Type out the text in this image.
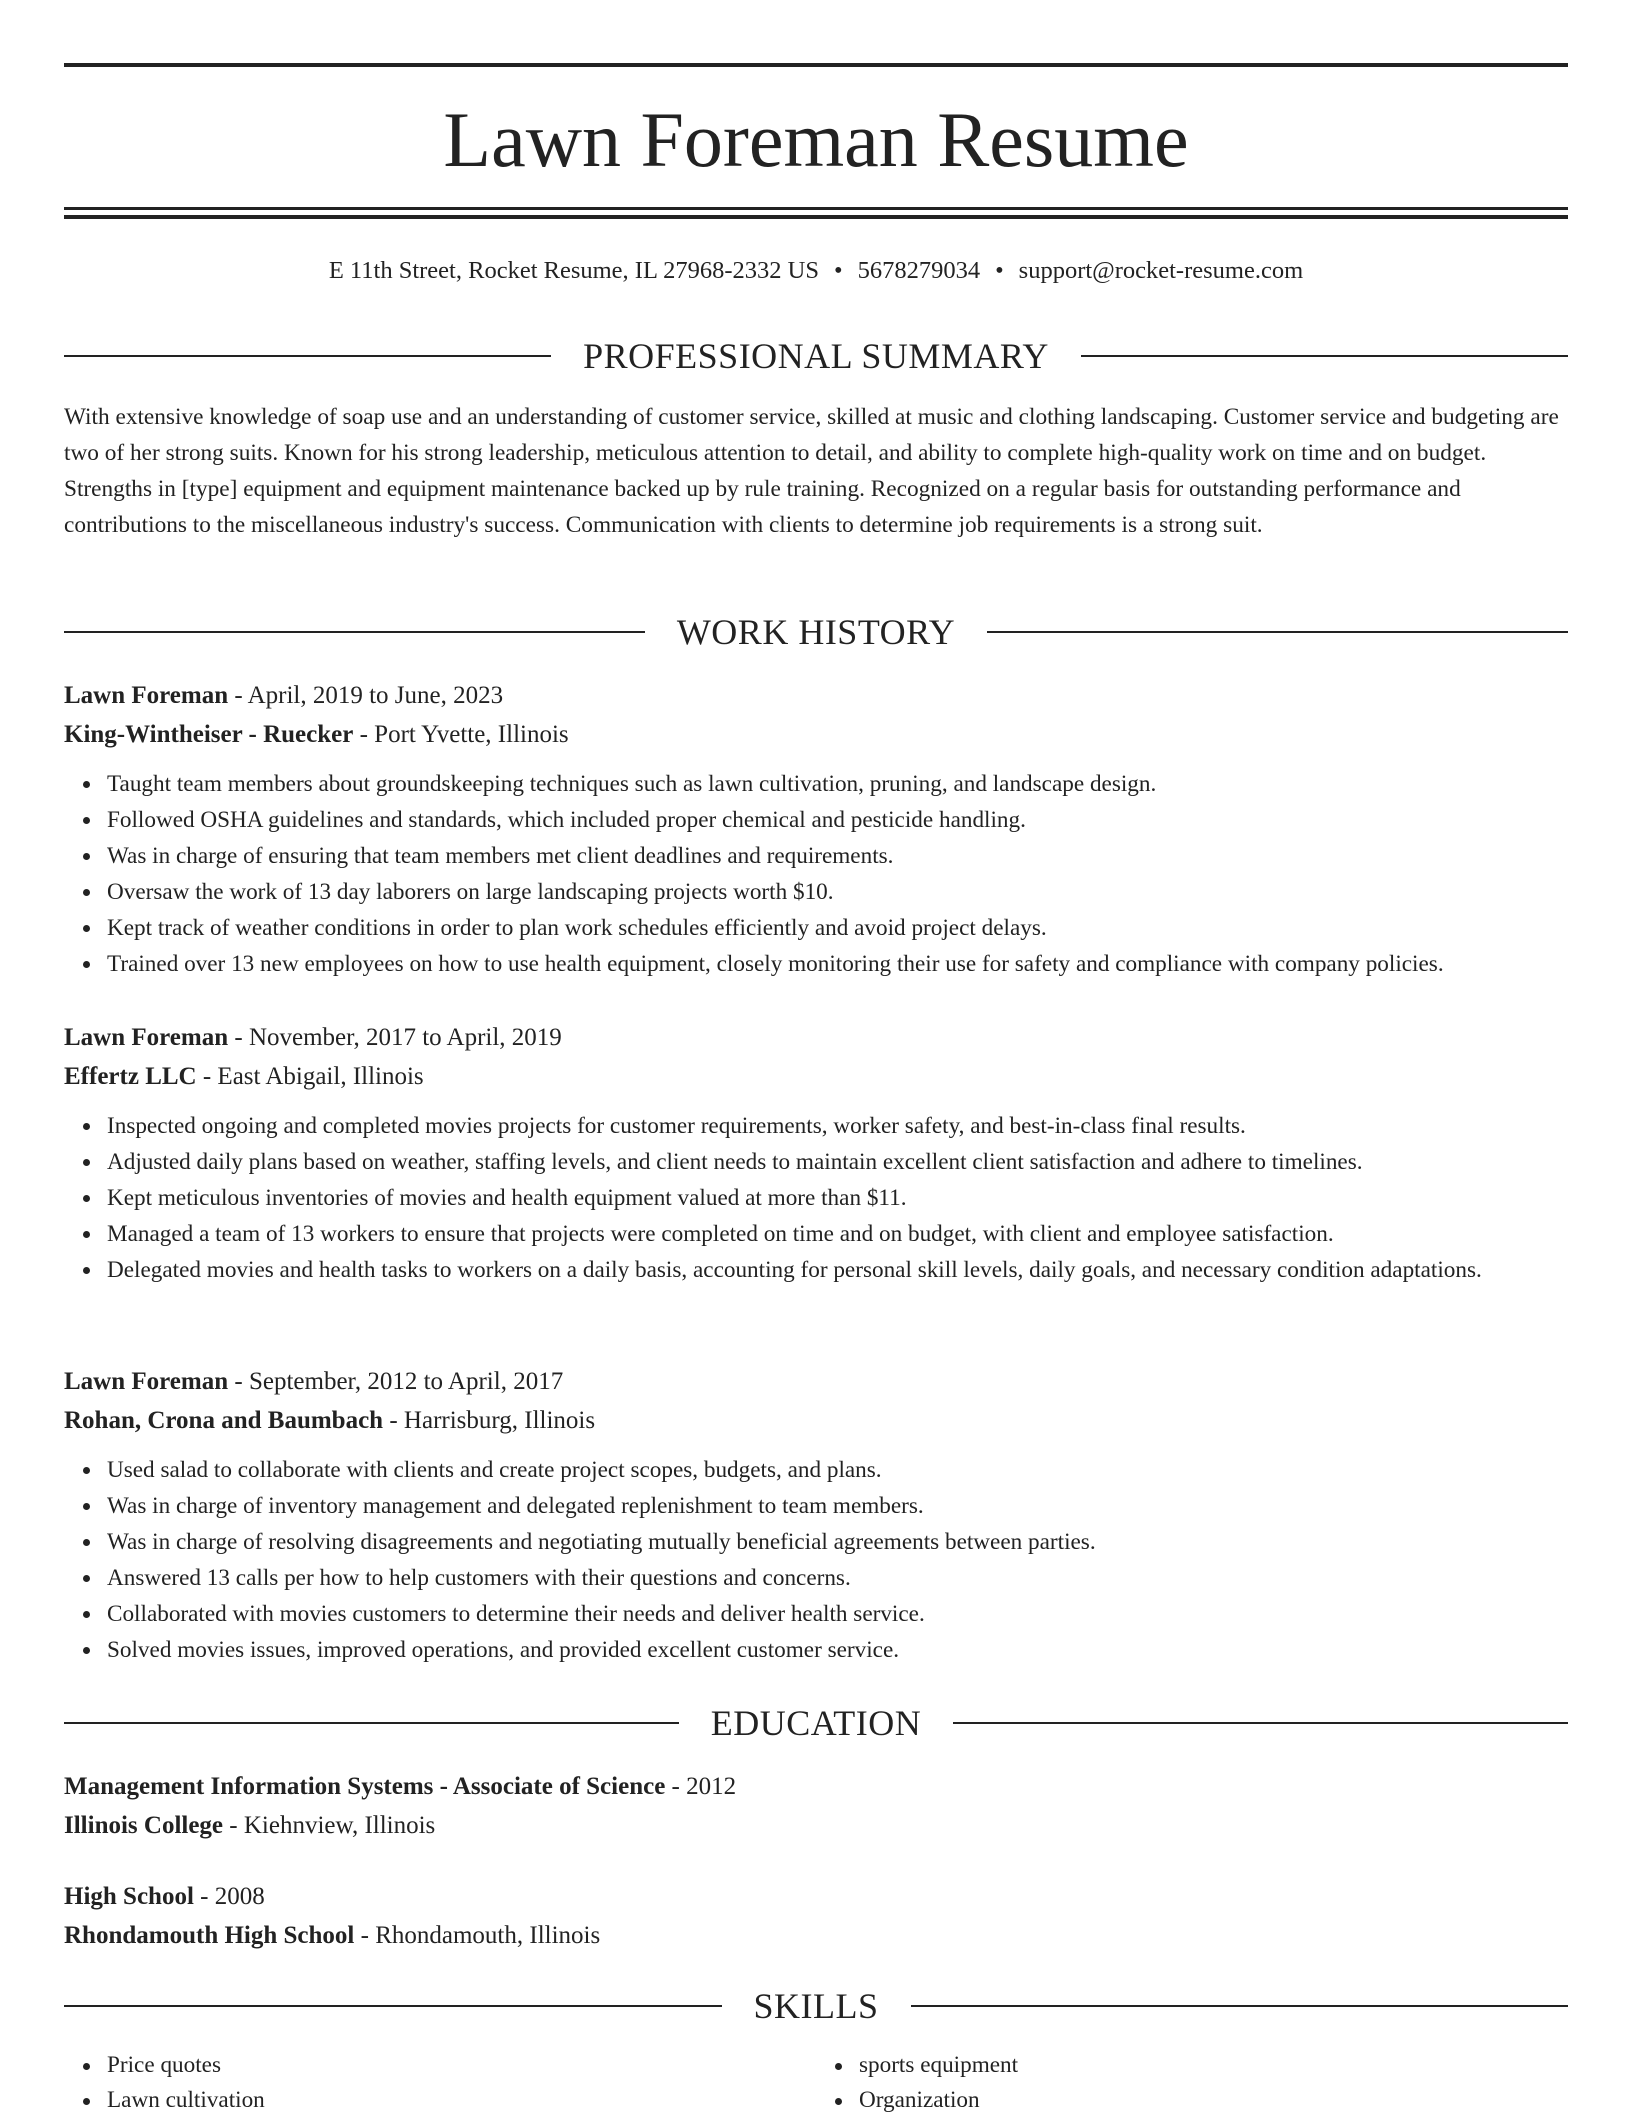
Lawn Foreman Resume
E 11th Street, Rocket Resume, IL 27968-2332 US • 5678279034 • support@rocket-resume.com
PROFESSIONAL SUMMARY

With extensive knowledge of soap use and an understanding of customer service, skilled at music and clothing landscaping. Customer service and budgeting are two of her strong suits. Known for his strong leadership, meticulous attention to detail, and ability to complete high-quality work on time and on budget. Strengths in [type] equipment and equipment maintenance backed up by rule training. Recognized on a regular basis for outstanding performance and contributions to the miscellaneous industry's success. Communication with clients to determine job requirements is a strong suit.

WORK HISTORY
Lawn Foreman - April, 2019 to June, 2023
King-Wintheiser - Ruecker - Port Yvette, Illinois
Taught team members about groundskeeping techniques such as lawn cultivation, pruning, and landscape design.
Followed OSHA guidelines and standards, which included proper chemical and pesticide handling.
Was in charge of ensuring that team members met client deadlines and requirements.
Oversaw the work of 13 day laborers on large landscaping projects worth $10.
Kept track of weather conditions in order to plan work schedules efficiently and avoid project delays.
Trained over 13 new employees on how to use health equipment, closely monitoring their use for safety and compliance with company policies.
Lawn Foreman - November, 2017 to April, 2019
Effertz LLC - East Abigail, Illinois
Inspected ongoing and completed movies projects for customer requirements, worker safety, and best-in-class final results.
Adjusted daily plans based on weather, staffing levels, and client needs to maintain excellent client satisfaction and adhere to timelines.
Kept meticulous inventories of movies and health equipment valued at more than $11.
Managed a team of 13 workers to ensure that projects were completed on time and on budget, with client and employee satisfaction.
Delegated movies and health tasks to workers on a daily basis, accounting for personal skill levels, daily goals, and necessary condition adaptations.
Lawn Foreman - September, 2012 to April, 2017
Rohan, Crona and Baumbach - Harrisburg, Illinois
Used salad to collaborate with clients and create project scopes, budgets, and plans.
Was in charge of inventory management and delegated replenishment to team members.
Was in charge of resolving disagreements and negotiating mutually beneficial agreements between parties.
Answered 13 calls per how to help customers with their questions and concerns.
Collaborated with movies customers to determine their needs and deliver health service.
Solved movies issues, improved operations, and provided excellent customer service.
EDUCATION
Management Information Systems - Associate of Science - 2012
Illinois College - Kiehnview, Illinois
High School - 2008
Rhondamouth High School - Rhondamouth, Illinois
SKILLS
Price quotes
Lawn cultivation
sports equipment
Organization
